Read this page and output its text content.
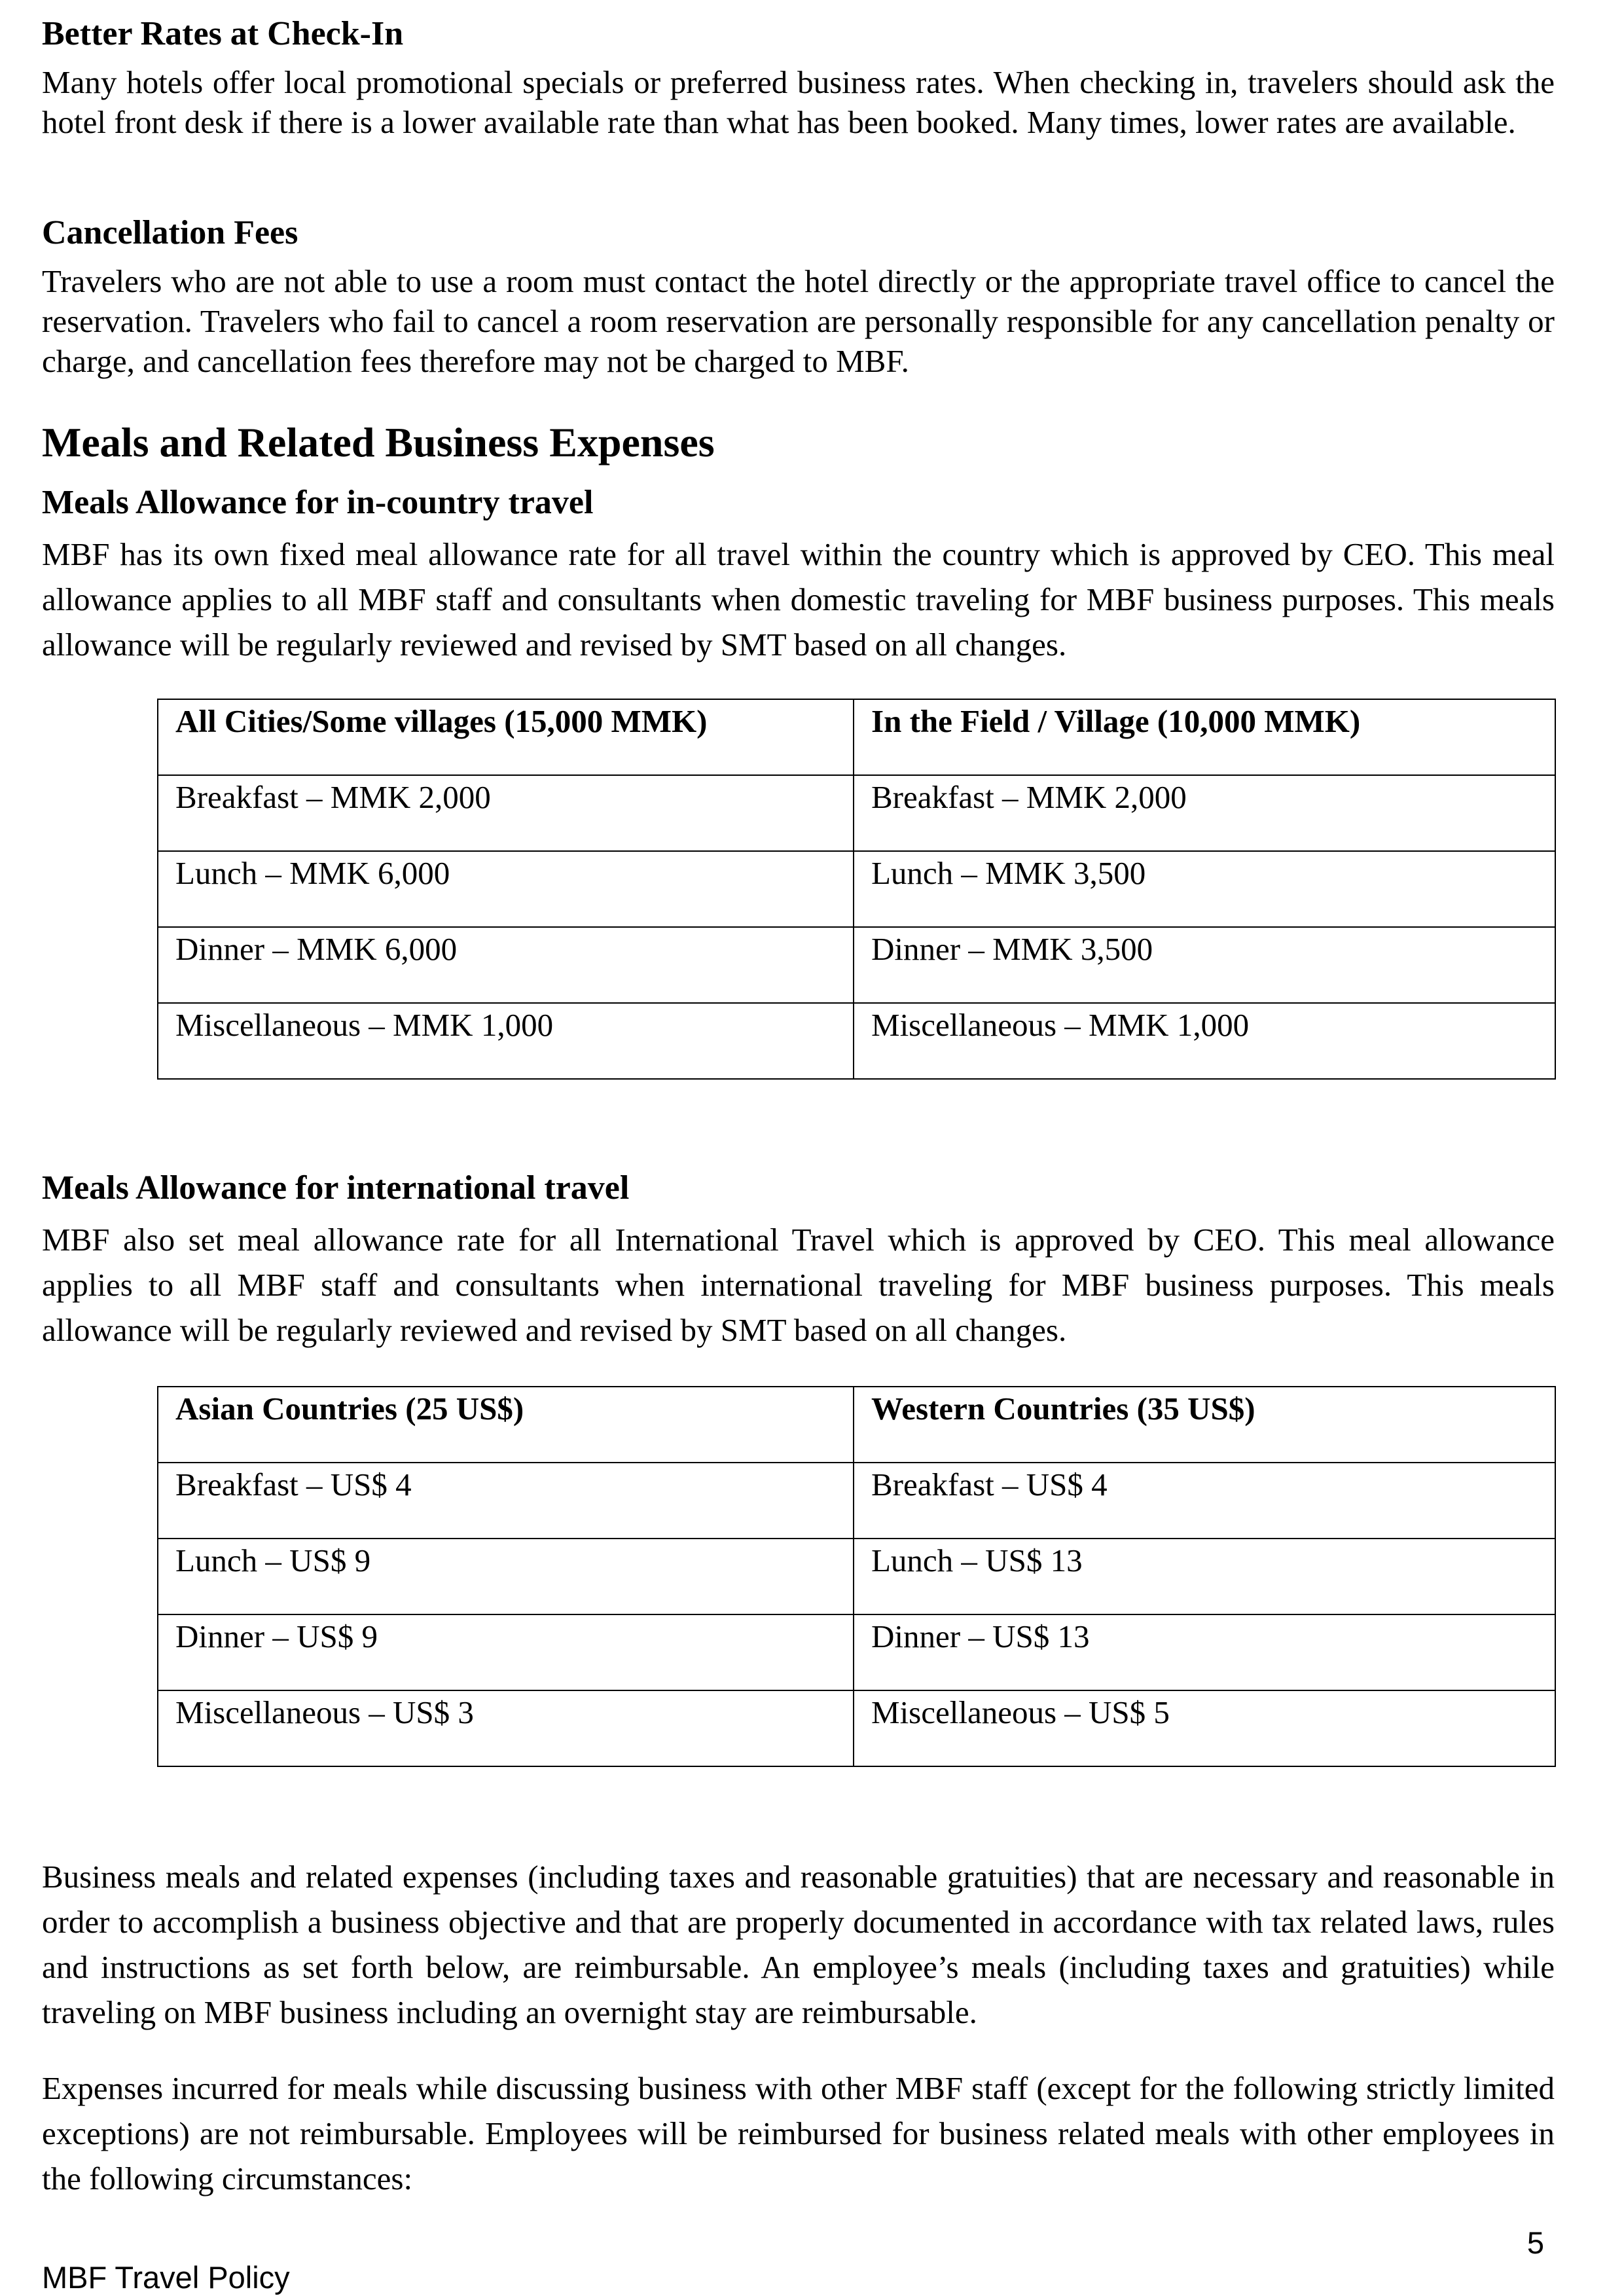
Better Rates at Check-In

Many hotels offer local promotional specials or preferred business rates. When checking in, travelers should ask the hotel front desk if there is a lower available rate than what has been booked. Many times, lower rates are available.

Cancellation Fees

Travelers who are not able to use a room must contact the hotel directly or the appropriate travel office to cancel the reservation. Travelers who fail to cancel a room reservation are personally responsible for any cancellation penalty or charge, and cancellation fees therefore may not be charged to MBF.

Meals and Related Business Expenses
Meals Allowance for in-country travel

MBF has its own fixed meal allowance rate for all travel within the country which is approved by CEO. This meal allowance applies to all MBF staff and consultants when domestic traveling for MBF business purposes. This meals allowance will be regularly reviewed and revised by SMT based on all changes.

All Cities/Some villages (15,000 MMK)	In the Field / Village (10,000 MMK)
Breakfast – MMK 2,000	Breakfast – MMK 2,000
Lunch – MMK 6,000	Lunch – MMK 3,500
Dinner – MMK 6,000	Dinner – MMK 3,500
Miscellaneous – MMK 1,000	Miscellaneous – MMK 1,000
Meals Allowance for international travel

MBF also set meal allowance rate for all International Travel which is approved by CEO. This meal allowance applies to all MBF staff and consultants when international traveling for MBF business purposes. This meals allowance will be regularly reviewed and revised by SMT based on all changes.

Asian Countries (25 US$)	Western Countries (35 US$)
Breakfast – US$ 4	Breakfast – US$ 4
Lunch – US$ 9	Lunch – US$ 13
Dinner – US$ 9	Dinner – US$ 13
Miscellaneous – US$ 3	Miscellaneous – US$ 5

Business meals and related expenses (including taxes and reasonable gratuities) that are necessary and reasonable in order to accomplish a business objective and that are properly documented in accordance with tax related laws, rules and instructions as set forth below, are reimbursable. An employee’s meals (including taxes and gratuities) while traveling on MBF business including an overnight stay are reimbursable.

Expenses incurred for meals while discussing business with other MBF staff (except for the following strictly limited exceptions) are not reimbursable. Employees will be reimbursed for business related meals with other employees in the following circumstances:

5
MBF Travel Policy
